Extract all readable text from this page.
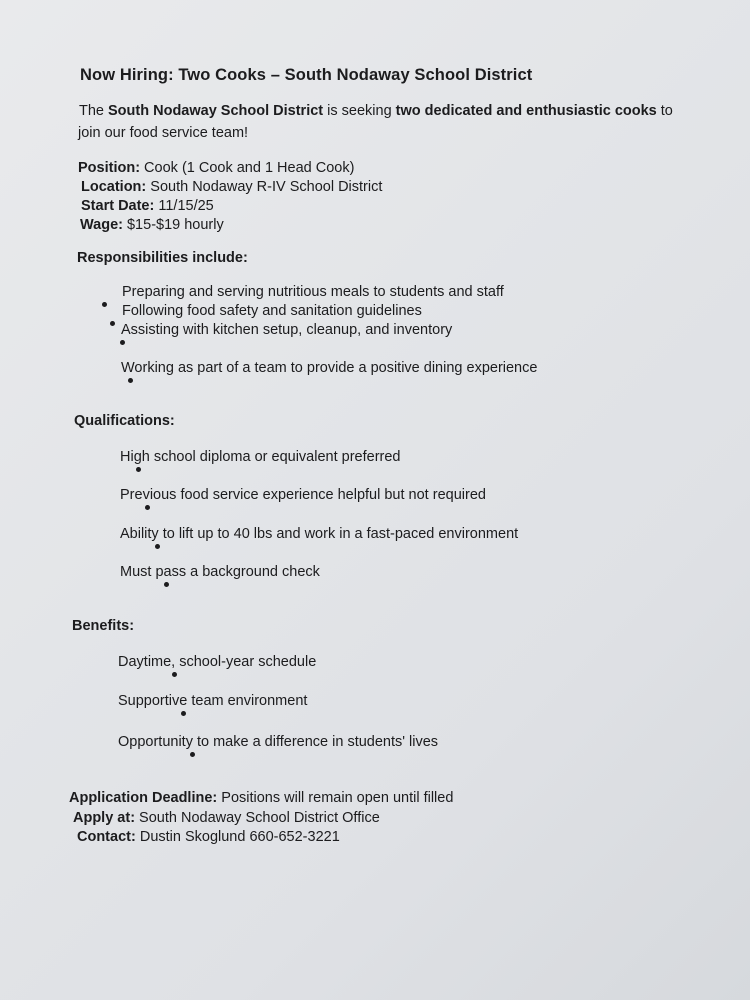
Now Hiring: Two Cooks – South Nodaway School District

The South Nodaway School District is seeking two dedicated and enthusiastic cooks to

join our food service team!

Position: Cook (1 Cook and 1 Head Cook)

Location: South Nodaway R-IV School District

Start Date: 11/15/25

Wage: $15-$19 hourly

Responsibilities include:

Preparing and serving nutritious meals to students and staff

Following food safety and sanitation guidelines

Assisting with kitchen setup, cleanup, and inventory

Working as part of a team to provide a positive dining experience

Qualifications:

High school diploma or equivalent preferred

Previous food service experience helpful but not required

Ability to lift up to 40 lbs and work in a fast-paced environment

Must pass a background check

Benefits:

Daytime, school-year schedule

Supportive team environment

Opportunity to make a difference in students' lives

Application Deadline: Positions will remain open until filled

Apply at: South Nodaway School District Office

Contact: Dustin Skoglund 660-652-3221
